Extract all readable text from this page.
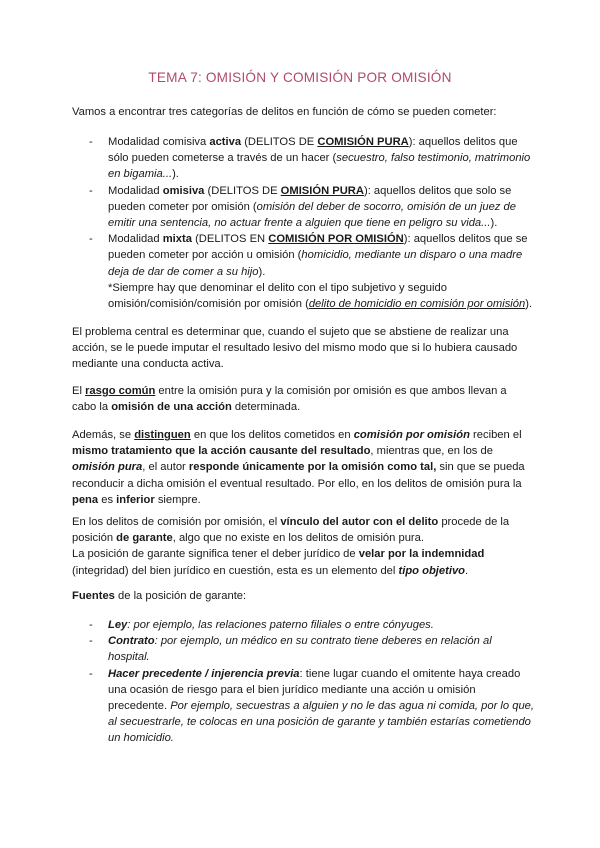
TEMA 7: OMISIÓN Y COMISIÓN POR OMISIÓN

Vamos a encontrar tres categorías de delitos en función de cómo se pueden cometer:

- Modalidad comisiva activa (DELITOS DE COMISIÓN PURA): aquellos delitos que sólo pueden cometerse a través de un hacer (secuestro, falso testimonio, matrimonio en bigamia...).
- Modalidad omisiva (DELITOS DE OMISIÓN PURA): aquellos delitos que solo se pueden cometer por omisión (omisión del deber de socorro, omisión de un juez de emitir una sentencia, no actuar frente a alguien que tiene en peligro su vida...).
- Modalidad mixta (DELITOS EN COMISIÓN POR OMISIÓN): aquellos delitos que se pueden cometer por acción u omisión (homicidio, mediante un disparo o una madre deja de dar de comer a su hijo).
*Siempre hay que denominar el delito con el tipo subjetivo y seguido omisión/comisión/comisión por omisión (delito de homicidio en comisión por omisión).

El problema central es determinar que, cuando el sujeto que se abstiene de realizar una acción, se le puede imputar el resultado lesivo del mismo modo que si lo hubiera causado mediante una conducta activa.

El rasgo común entre la omisión pura y la comisión por omisión es que ambos llevan a cabo la omisión de una acción determinada.

Además, se distinguen en que los delitos cometidos en comisión por omisión reciben el mismo tratamiento que la acción causante del resultado, mientras que, en los de omisión pura, el autor responde únicamente por la omisión como tal, sin que se pueda reconducir a dicha omisión el eventual resultado. Por ello, en los delitos de omisión pura la pena es inferior siempre.

En los delitos de comisión por omisión, el vínculo del autor con el delito procede de la posición de garante, algo que no existe en los delitos de omisión pura.
La posición de garante significa tener el deber jurídico de velar por la indemnidad (integridad) del bien jurídico en cuestión, esta es un elemento del tipo objetivo.

Fuentes de la posición de garante:

- Ley: por ejemplo, las relaciones paterno filiales o entre cónyuges.
- Contrato: por ejemplo, un médico en su contrato tiene deberes en relación al hospital.
- Hacer precedente / injerencia previa: tiene lugar cuando el omitente haya creado una ocasión de riesgo para el bien jurídico mediante una acción u omisión precedente. Por ejemplo, secuestras a alguien y no le das agua ni comida, por lo que, al secuestrarle, te colocas en una posición de garante y también estarías cometiendo un homicidio.
